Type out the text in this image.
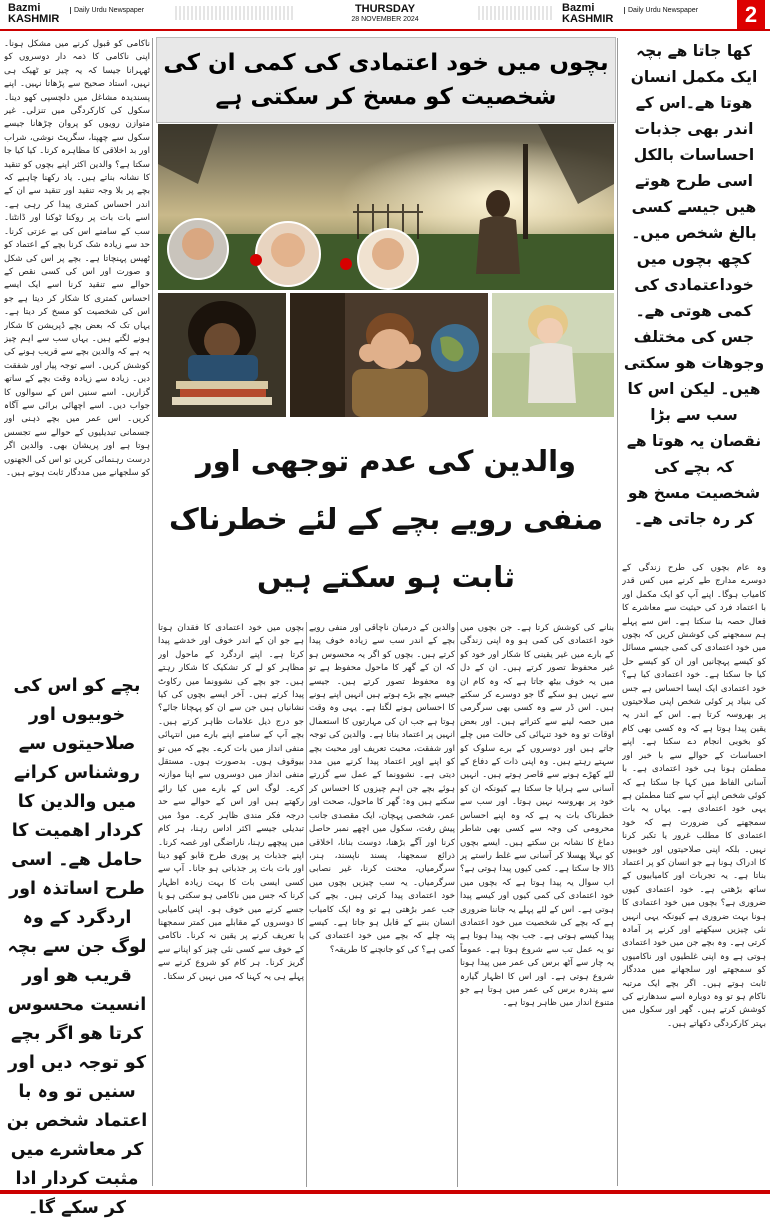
Bazmi KASHMIR
Daily Urdu Newspaper	THURSDAY
28 NOVEMBER 2024
Bazmi KASHMIR
Daily Urdu Newspaper	2

ناکامی کو قبول کرنے میں مشکل ہونا۔ اپنی ناکامی کا ذمہ دار دوسروں کو ٹھہرانا جیسا کہ یہ چیز تو ٹھیک ہی نہیں، استاد صحیح سے پڑھاتا نہیں۔ اپنے پسندیدہ مشاغل میں دلچسپی کھو دینا۔ سکول کی کارکردگی میں تنزلی۔ غیر متوازن رویوں کو پروان چڑھانا جیسے سکول سے چھپنا، سگریٹ نوشی، شراب اور بد اخلاقی کا مظاہرہ کرنا۔ کیا کیا جا سکتا ہے؟ والدین اکثر اپنے بچوں کو تنقید کا نشانہ بناتے ہیں۔ یاد رکھنا چاہیے کہ بچے پر بلا وجہ تنقید اور تنقید سے ان کے اندر احساس کمتری پیدا کر رہی ہے۔ اسے بات بات پر روکنا ٹوکنا اور ڈانٹنا۔ سب کے سامنے اس کی بے عزتی کرنا۔ حد سے زیادہ شک کرنا بچے کے اعتماد کو ٹھیس پہنچاتا ہے۔ بچے پر اس کی شکل و صورت اور اس کی کسی نقص کے حوالے سے تنقید کرنا اسے ایک ایسے احساس کمتری کا شکار کر دیتا ہے جو اس کی شخصیت کو مسخ کر دیتا ہے۔ یہاں تک کہ بعض بچے ڈپریشن کا شکار ہونے لگتے ہیں۔ یہاں سب سے اہم چیز یہ ہے کہ والدین بچے سے قریب ہونے کی کوشش کریں۔ اسے توجہ پیار اور شفقت دیں۔ زیادہ سے زیادہ وقت بچے کے ساتھ گزاریں۔ اسے سنیں اس کے سوالوں کا جواب دیں۔ اسے اچھائی برائی سے آگاہ کریں۔ اس عمر میں بچے ذہنی اور جسمانی تبدیلیوں کے حوالے سے تجسس ہوتا ہے اور پریشان بھی۔ والدین اگر درست رہنمائی کریں تو اس کی الجھنوں کو سلجھانے میں مددگار ثابت ہوتے ہیں۔

بچے کو اس کی خوبیوں اور صلاحیتوں سے روشناس کرانے میں والدین کا کردار اھمیت کا حامل ھے۔ اسی طرح اساتذہ اور اردگرد کے وہ لوگ جن سے بچہ قریب ھو اور انسیت محسوس کرتا ھو اگر بچے کو توجہ دیں اور سنیں تو وہ با اعتماد شخص بن کر معاشرے میں مثبت کردار ادا کر سکے گا۔
بچوں میں خود اعتمادی کی کمی ان کی شخصیت کو مسخ کر سکتی ہے
والدین کی عدم توجھی اور منفی رویے بچے کے لئے خطرناک ثابت ہو سکتے ہیں

بچوں میں خود اعتمادی کا فقدان ہوتا ہے جو ان کے اندر خوف اور خدشے پیدا کرتا ہے۔ اپنے اردگرد کے ماحول اور مظاہر کو لے کر تشکیک کا شکار رہتے ہیں۔ جو بچے کی نشوونما میں رکاوٹ پیدا کرتے ہیں۔ آخر ایسے بچوں کی کیا نشانیاں ہیں جن سے ان کو پہچانا جائے؟ جو درج ذیل علامات ظاہر کرتے ہیں۔ بچے آپ کے سامنے اپنے بارے میں انتہائی منفی انداز میں بات کرے۔ بچے کہ میں تو بیوقوف ہوں۔ بدصورت ہوں۔ مستقل منفی انداز میں دوسروں سے اپنا موازنہ کرے۔ لوگ اس کے بارے میں کیا رائے رکھتے ہیں اور اس کے حوالے سے حد درجہ فکر مندی ظاہر کرے۔ موڈ میں تبدیلی جیسے اکثر اداس رہنا، ہر کام میں پیچھے رہنا، ناراضگی اور غصہ کرنا۔ اپنے جذبات پر پوری طرح قابو کھو دینا اور بات بات پر جذباتی ہو جانا۔ آپ سے کسی ایسی بات کا بہت زیادہ اظہار کرنا کہ جس میں ناکامی ہو سکتی ہو یا جسے کرنے میں خوف ہو۔ اپنی کامیابی کا دوسروں کے مقابلے میں کمتر سمجھنا یا تعریف کرنے پر یقین نہ کرنا۔ ناکامی کے خوف سے کسی نئی چیز کو اپنانے سے گریز کرنا۔ ہر کام کو شروع کرنے سے پہلے ہی یہ کہنا کہ میں نہیں کر سکتا۔

والدین کے درمیان ناچاقی اور منفی رویے بچے کے اندر سب سے زیادہ خوف پیدا کرتے ہیں۔ بچوں کو اگر یہ محسوس ہو کہ ان کے گھر کا ماحول محفوظ ہے تو وہ محفوظ تصور کرتے ہیں۔ جیسے جیسے بچے بڑے ہوتے ہیں انہیں اپنے ہونے کا احساس ہونے لگتا ہے۔ یہی وہ وقت ہوتا ہے جب ان کی مہارتوں کا استعمال انہیں پر اعتماد بناتا ہے۔ والدین کی توجہ اور شفقت، محبت تعریف اور محبت بچے کو اپنے اوپر اعتماد پیدا کرنے میں مدد دیتی ہے۔ نشوونما کے عمل سے گزرتے ہوئے بچے جن اہم چیزوں کا احساس کر سکتے ہیں وہ: گھر کا ماحول، صحت اور عمر، شخصی پہچان، ایک مقصدی جانب پیش رفت، سکول میں اچھے نمبر حاصل کرنا اور آگے بڑھنا، دوست بنانا، اخلاقی ذرائع سمجھنا، پسند ناپسند، ہنر، سرگرمیاں، محنت کرنا، غیر نصابی سرگرمیاں۔ یہ سب چیزیں بچوں میں خود اعتمادی پیدا کرتی ہیں۔ بچے کی جب عمر بڑھتی ہے تو وہ ایک کامیاب انسان بننے کے قابل ہو جاتا ہے۔ کیسے پتہ چلے کہ بچے میں خود اعتمادی کی کمی ہے؟ کی کو جانچنے کا طریقہ؟

بنانے کی کوشش کرتا ہے۔ جن بچوں میں خود اعتمادی کی کمی ہو وہ اپنی زندگی کے بارے میں غیر یقینی کا شکار اور خود کو غیر محفوظ تصور کرتے ہیں۔ ان کے دل میں یہ خوف بیٹھ جاتا ہے کہ وہ کام ان سے نہیں ہو سکے گا جو دوسرے کر سکتے ہیں۔ اس ڈر سے وہ کسی بھی سرگرمی میں حصہ لینے سے کتراتے ہیں۔ اور بعض اوقات تو وہ خود تنہائی کی حالت میں چلے جاتے ہیں اور دوسروں کے برے سلوک کو سہتے رہتے ہیں۔ وہ اپنی ذات کے دفاع کے لئے کھڑے ہونے سے قاصر ہوتے ہیں۔ انہیں آسانی سے ہرایا جا سکتا ہے کیونکہ ان کو خود پر بھروسہ نہیں ہوتا۔ اور سب سے خطرناک بات یہ ہے کہ وہ اپنے احساس محرومی کی وجہ سے کسی بھی شاطر دماغ کا نشانہ بن سکتے ہیں۔ ایسے بچوں کو بہلا پھسلا کر آسانی سے غلط راستے پر ڈالا جا سکتا ہے۔ کمی کیوں پیدا ہوتی ہے؟ اب سوال یہ پیدا ہوتا ہے کہ بچوں میں خود اعتمادی کی کمی کیوں اور کیسے پیدا ہوتی ہے۔ اس کے لئے پہلے یہ جاننا ضروری ہے کہ بچے کی شخصیت میں خود اعتمادی پیدا کیسے ہوتی ہے۔ جب بچہ پیدا ہوتا ہے تو یہ عمل تب سے شروع ہوتا ہے۔ عموماً یہ چار سے آٹھ برس کی عمر میں پیدا ہونا شروع ہوتی ہے۔ اور اس کا اظہار گیارہ سے پندرہ برس کی عمر میں ہوتا ہے جو متنوع انداز میں ظاہر ہوتا ہے۔

کھا جاتا ھے بچہ ایک مکمل انسان ھوتا ھے۔اس کے اندر بھی جذبات احساسات بالکل اسی طرح ھوتے ھیں جیسے کسی بالغ شخص میں۔کچھ بچوں میں خوداعتمادی کی کمی ھوتی ھے۔جس کی مختلف وجوھات ھو سکتی ھیں۔ لیکن اس کا سب سے بڑا نقصان یہ ھوتا ھے کہ بچے کی شخصیت مسخ ھو کر رہ جاتی ھے۔

وہ عام بچوں کی طرح زندگی کے دوسرے مدارج طے کرنے میں کس قدر کامیاب ہوگا۔ اپنے آپ کو ایک مکمل اور با اعتماد فرد کی حیثیت سے معاشرے کا فعال حصہ بنا سکتا ہے۔ اس سے پہلے ہم سمجھنے کی کوشش کریں کہ بچوں میں خود اعتمادی کی کمی جیسے مسائل کو کیسے پہچانیں اور ان کو کیسے حل کیا جا سکتا ہے۔ خود اعتمادی کیا ہے؟ خود اعتمادی ایک ایسا احساس ہے جس کی بنیاد پر کوئی شخص اپنی صلاحیتوں پر بھروسہ کرتا ہے۔ اس کے اندر یہ یقین پیدا ہوتا ہے کہ وہ کسی بھی کام کو بخوبی انجام دے سکتا ہے۔ اپنے احساسات کے حوالے سے با خبر اور مطمئن ہونا ہی خود اعتمادی ہے۔ با آسانی الفاظ میں کہا جا سکتا ہے کہ کوئی شخص اپنے آپ سے کتنا مطمئن ہے یہی خود اعتمادی ہے۔ یہاں یہ بات سمجھنے کی ضرورت ہے کہ خود اعتمادی کا مطلب غرور یا تکبر کرنا نہیں۔ بلکہ اپنی صلاحیتوں اور خوبیوں کا ادراک ہونا ہے جو انسان کو پر اعتماد بناتا ہے۔ یہ تجربات اور کامیابیوں کے ساتھ بڑھتی ہے۔ خود اعتمادی کیوں ضروری ہے؟ بچوں میں خود اعتمادی کا ہونا بہت ضروری ہے کیونکہ یہی انہیں نئی چیزیں سیکھنے اور کرنے پر آمادہ کرتی ہے۔ وہ بچے جن میں خود اعتمادی ہوتی ہے وہ اپنی غلطیوں اور ناکامیوں کو سمجھتے اور سلجھانے میں مددگار ثابت ہوتے ہیں۔ اگر بچے ایک مرتبہ ناکام ہو تو وہ دوبارہ اسے سدھارنے کی کوشش کرتے ہیں۔ گھر اور سکول میں بہتر کارکردگی دکھاتے ہیں۔
